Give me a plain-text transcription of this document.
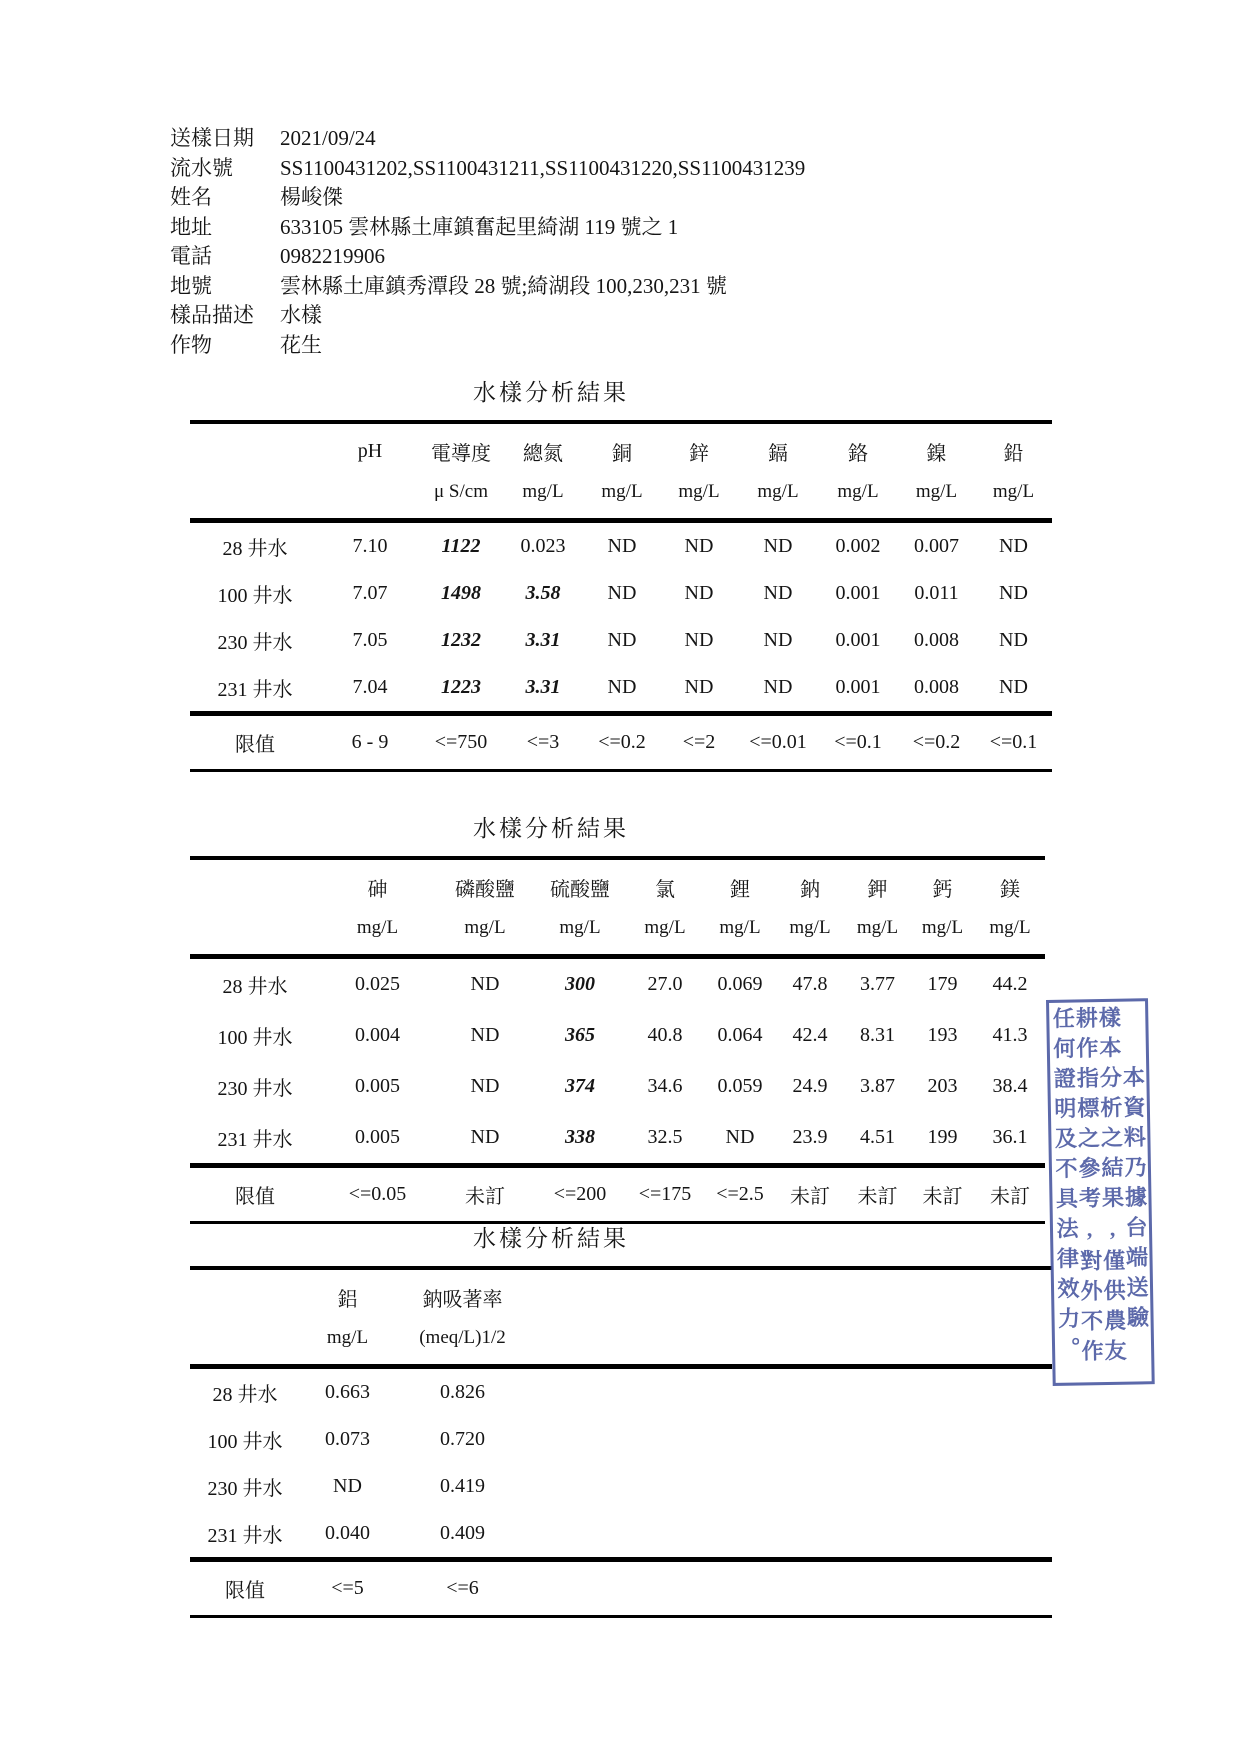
送樣日期	2021/09/24
流水號	SS1100431202,SS1100431211,SS1100431220,SS1100431239
姓名	楊峻傑
地址	633105 雲林縣土庫鎮奮起里綺湖 119 號之 1
電話	0982219906
地號	雲林縣土庫鎮秀潭段 28 號;綺湖段 100,230,231 號
樣品描述	水樣
作物	花生
水樣分析結果
	pH	電導度	總氮	銅	鋅	鎘	鉻	鎳	鉛
		μ S/cm	mg/L	mg/L	mg/L	mg/L	mg/L	mg/L	mg/L
28 井水	7.10	1122	0.023	ND	ND	ND	0.002	0.007	ND
100 井水	7.07	1498	3.58	ND	ND	ND	0.001	0.011	ND
230 井水	7.05	1232	3.31	ND	ND	ND	0.001	0.008	ND
231 井水	7.04	1223	3.31	ND	ND	ND	0.001	0.008	ND
限值	6 - 9	<=750	<=3	<=0.2	<=2	<=0.01	<=0.1	<=0.2	<=0.1
水樣分析結果
	砷	磷酸鹽	硫酸鹽	氯	鋰	鈉	鉀	鈣	鎂
	mg/L	mg/L	mg/L	mg/L	mg/L	mg/L	mg/L	mg/L	mg/L
28 井水	0.025	ND	300	27.0	0.069	47.8	3.77	179	44.2
100 井水	0.004	ND	365	40.8	0.064	42.4	8.31	193	41.3
230 井水	0.005	ND	374	34.6	0.059	24.9	3.87	203	38.4
231 井水	0.005	ND	338	32.5	ND	23.9	4.51	199	36.1
限值	<=0.05	未訂	<=200	<=175	<=2.5	未訂	未訂	未訂	未訂
水樣分析結果
	鋁	鈉吸著率	
	mg/L	(meq/L)1/2	
28 井水	0.663	0.826	
100 井水	0.073	0.720	
230 井水	ND	0.419	
231 井水	0.040	0.409	
限值	<=5	<=6	
任何證明及不具法律效力。
耕作指標之參考,對外不作
樣本分析之結果,僅供農友
本資料乃據台端送驗
